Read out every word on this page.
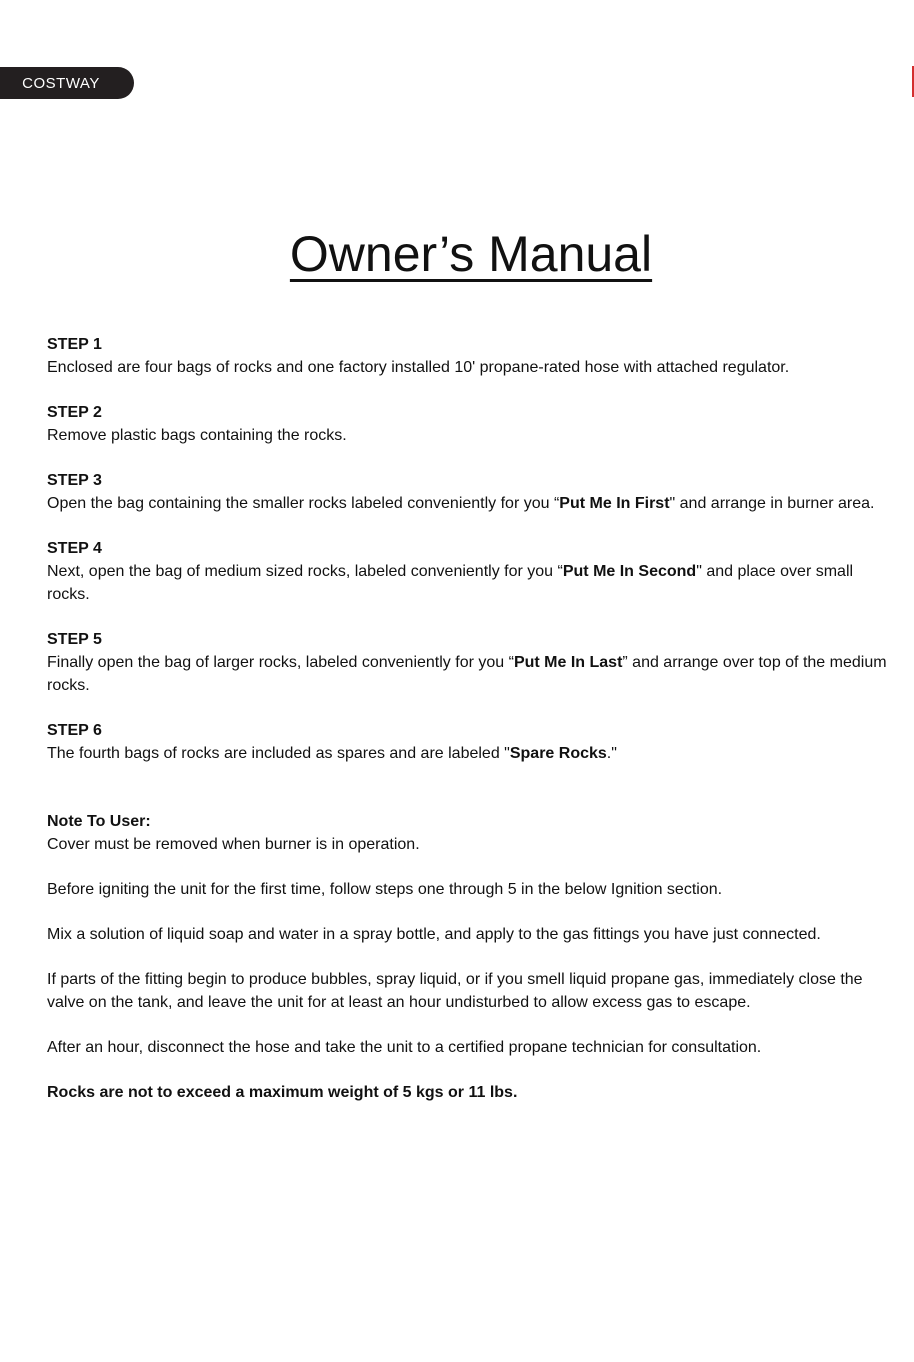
COSTWAY
Owner’s Manual

STEP 1

Enclosed are four bags of rocks and one factory installed 10' propane-rated hose with attached regulator.

STEP 2

Remove plastic bags containing the rocks.

STEP 3

Open the bag containing the smaller rocks labeled conveniently for you “Put Me In First" and arrange in burner area.

STEP 4

Next, open the bag of medium sized rocks, labeled conveniently for you “Put Me In Second" and place over small rocks.

STEP 5

Finally open the bag of larger rocks, labeled conveniently for you “Put Me In Last” and arrange over top of the medium rocks.

STEP 6

The fourth bags of rocks are included as spares and are labeled "Spare Rocks."

Note To User:

Cover must be removed when burner is in operation.

Before igniting the unit for the first time, follow steps one through 5 in the below Ignition section.

Mix a solution of liquid soap and water in a spray bottle, and apply to the gas fittings you have just connected.

If parts of the fitting begin to produce bubbles, spray liquid, or if you smell liquid propane gas, immediately close the valve on the tank, and leave the unit for at least an hour undisturbed to allow excess gas to escape.

After an hour, disconnect the hose and take the unit to a certified propane technician for consultation.

Rocks are not to exceed a maximum weight of 5 kgs or 11 lbs.
